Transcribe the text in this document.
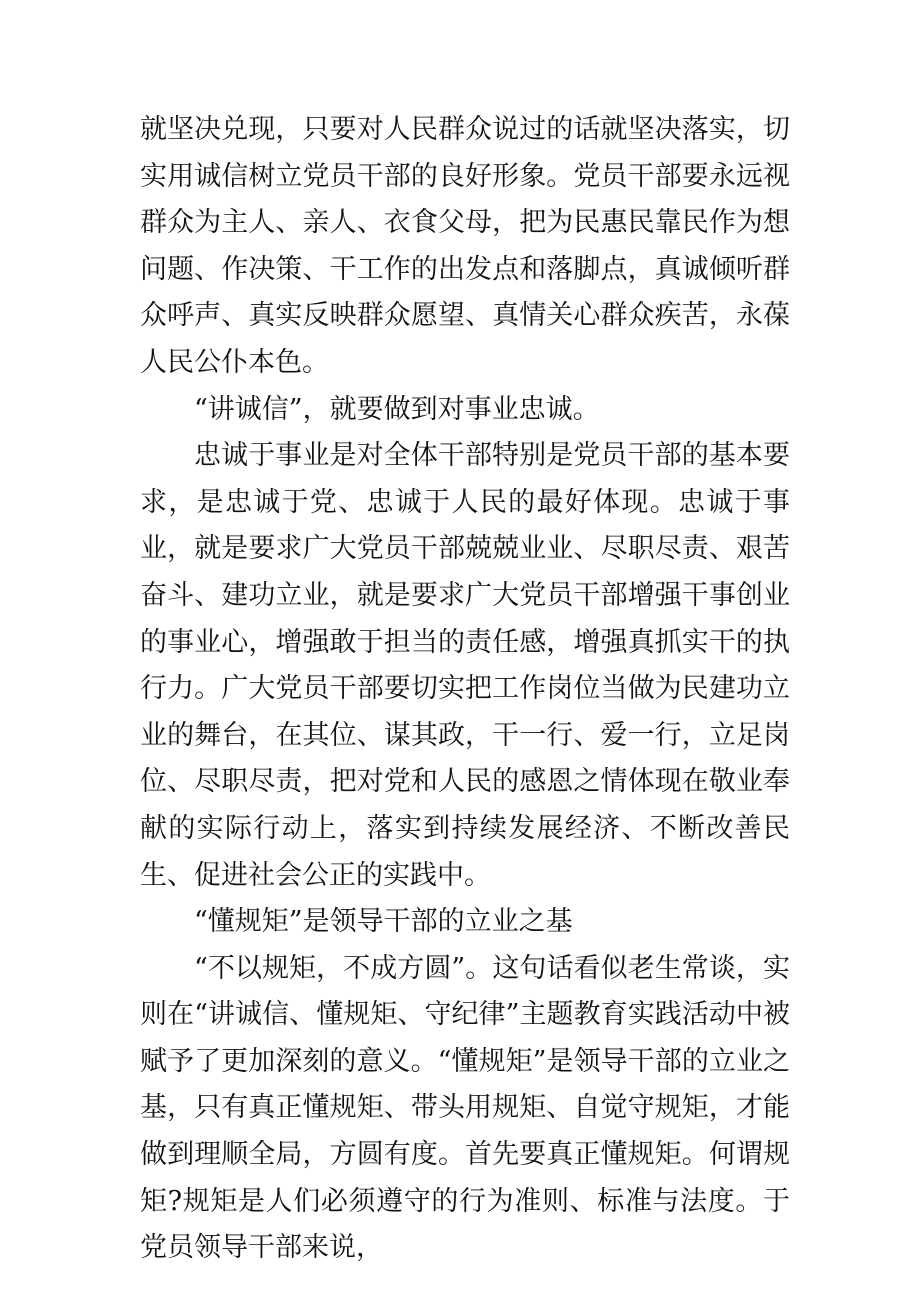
就坚决兑现，只要对人民群众说过的话就坚决落实，切实用诚信树立党员干部的良好形象。党员干部要永远视群众为主人、亲人、衣食父母，把为民惠民靠民作为想问题、作决策、干工作的出发点和落脚点，真诚倾听群众呼声、真实反映群众愿望、真情关心群众疾苦，永葆人民公仆本色。

“讲诚信”，就要做到对事业忠诚。

忠诚于事业是对全体干部特别是党员干部的基本要求，是忠诚于党、忠诚于人民的最好体现。忠诚于事业，就是要求广大党员干部兢兢业业、尽职尽责、艰苦奋斗、建功立业，就是要求广大党员干部增强干事创业的事业心，增强敢于担当的责任感，增强真抓实干的执行力。广大党员干部要切实把工作岗位当做为民建功立业的舞台，在其位、谋其政，干一行、爱一行，立足岗位、尽职尽责，把对党和人民的感恩之情体现在敬业奉献的实际行动上，落实到持续发展经济、不断改善民生、促进社会公正的实践中。

“懂规矩”是领导干部的立业之基

“不以规矩，不成方圆”。这句话看似老生常谈，实则在“讲诚信、懂规矩、守纪律”主题教育实践活动中被赋予了更加深刻的意义。“懂规矩”是领导干部的立业之基，只有真正懂规矩、带头用规矩、自觉守规矩，才能做到理顺全局，方圆有度。首先要真正懂规矩。何谓规矩?规矩是人们必须遵守的行为准则、标准与法度。于党员领导干部来说，
